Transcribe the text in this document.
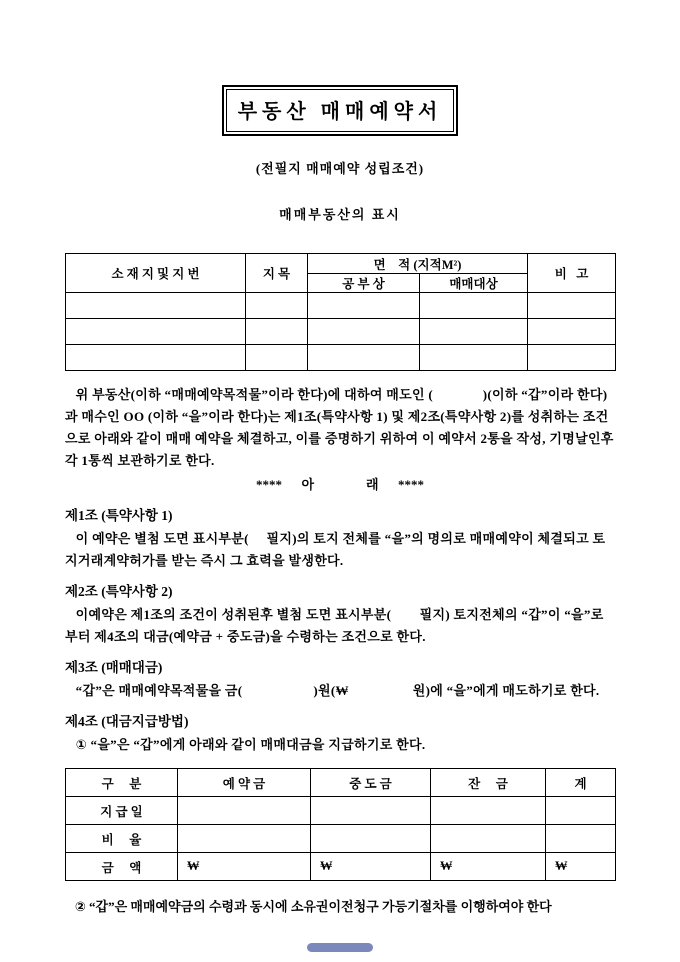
부동산 매매예약서
(전필지 매매예약 성립조건)
매매부동산의 표시
소 재 지 및 지 번	지 목	면    적 (지적M²)		비   고
		공 부 상	매매대상	

위 부동산(이하 “매매예약목적물”이라 한다)에 대하여 매도인 (              )(이하 “갑”이라 한다)과 매수인 OO (이하 “을”이라 한다)는 제1조(특약사항 1) 및 제2조(특약사항 2)를 성취하는 조건으로 아래와 같이 매매 예약을 체결하고, 이를 증명하기 위하여 이 예약서 2통을 작성, 기명날인후 각 1통씩 보관하기로 한다.
****      아                래      ****
제1조 (특약사항 1)
이 예약은 별첨 도면 표시부분(     필지)의 토지 전체를 “을”의 명의로 매매예약이 체결되고 토지거래계약허가를 받는 즉시 그 효력을 발생한다.
제2조 (특약사항 2)
이예약은 제1조의 조건이 성취된후 별첨 도면 표시부분(        필지) 토지전체의 “갑”이 “을”로부터 제4조의 대금(예약금 + 중도금)을 수령하는 조건으로 한다.
제3조 (매매대금)
“갑”은 매매예약목적물을 금(                    )원(₩                  원)에 “을”에게 매도하기로 한다.
제4조 (대금지급방법)
① “을”은 “갑”에게 아래와 같이 매매대금을 지급하기로 한다.
구     분	예 약 금	중 도 금	잔     금	계
지 급 일				
비     율				
금     액	₩	₩	₩	₩
② “갑”은 매매예약금의 수령과 동시에 소유권이전청구 가등기절차를 이행하여야 한다
